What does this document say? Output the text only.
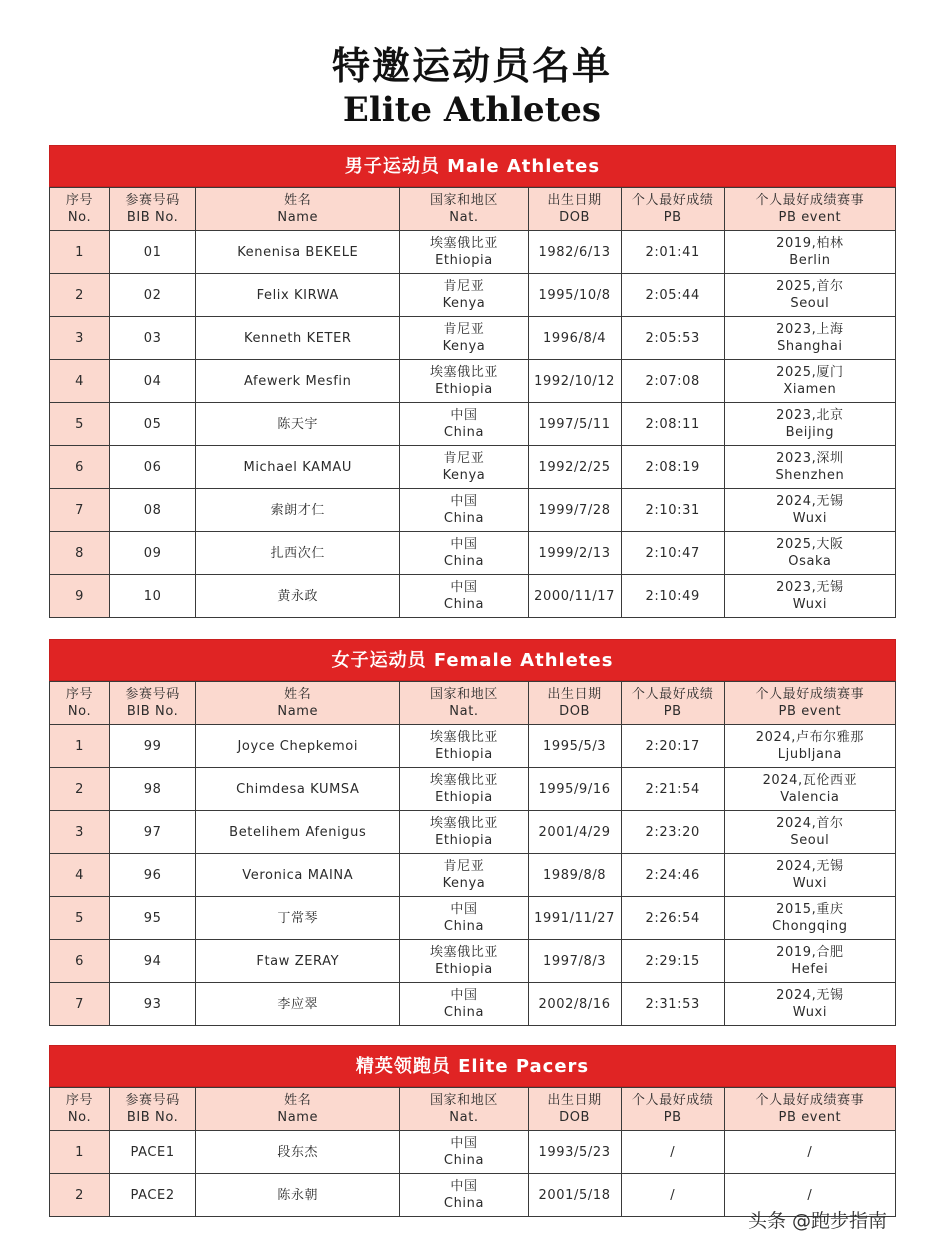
特邀运动员名单
Elite Athletes
男子运动员 Male Athletes
序号
No.	参赛号码
BIB No.	姓名
Name	国家和地区
Nat.	出生日期
DOB	个人最好成绩
PB	个人最好成绩赛事
PB event

1	01	Kenenisa BEKELE	埃塞俄比亚
Ethiopia	1982/6/13	2:01:41	2019,柏林
Berlin

2	02	Felix KIRWA	肯尼亚
Kenya	1995/10/8	2:05:44	2025,首尔
Seoul

3	03	Kenneth KETER	肯尼亚
Kenya	1996/8/4	2:05:53	2023,上海
Shanghai

4	04	Afewerk Mesfin	埃塞俄比亚
Ethiopia	1992/10/12	2:07:08	2025,厦门
Xiamen

5	05	陈天宇	中国
China	1997/5/11	2:08:11	2023,北京
Beijing

6	06	Michael KAMAU	肯尼亚
Kenya	1992/2/25	2:08:19	2023,深圳
Shenzhen

7	08	索朗才仁	中国
China	1999/7/28	2:10:31	2024,无锡
Wuxi

8	09	扎西次仁	中国
China	1999/2/13	2:10:47	2025,大阪
Osaka

9	10	黄永政	中国
China	2000/11/17	2:10:49	2023,无锡
Wuxi
女子运动员 Female Athletes
序号
No.	参赛号码
BIB No.	姓名
Name	国家和地区
Nat.	出生日期
DOB	个人最好成绩
PB	个人最好成绩赛事
PB event

1	99	Joyce Chepkemoi	埃塞俄比亚
Ethiopia	1995/5/3	2:20:17	2024,卢布尔雅那
Ljubljana

2	98	Chimdesa KUMSA	埃塞俄比亚
Ethiopia	1995/9/16	2:21:54	2024,瓦伦西亚
Valencia

3	97	Betelihem Afenigus	埃塞俄比亚
Ethiopia	2001/4/29	2:23:20	2024,首尔
Seoul

4	96	Veronica MAINA	肯尼亚
Kenya	1989/8/8	2:24:46	2024,无锡
Wuxi

5	95	丁常琴	中国
China	1991/11/27	2:26:54	2015,重庆
Chongqing

6	94	Ftaw ZERAY	埃塞俄比亚
Ethiopia	1997/8/3	2:29:15	2019,合肥
Hefei

7	93	李应翠	中国
China	2002/8/16	2:31:53	2024,无锡
Wuxi
精英领跑员 Elite Pacers
序号
No.	参赛号码
BIB No.	姓名
Name	国家和地区
Nat.	出生日期
DOB	个人最好成绩
PB	个人最好成绩赛事
PB event

1	PACE1	段东杰	中国
China	1993/5/23	/	/

2	PACE2	陈永朝	中国
China	2001/5/18	/	/
头条 @跑步指南
